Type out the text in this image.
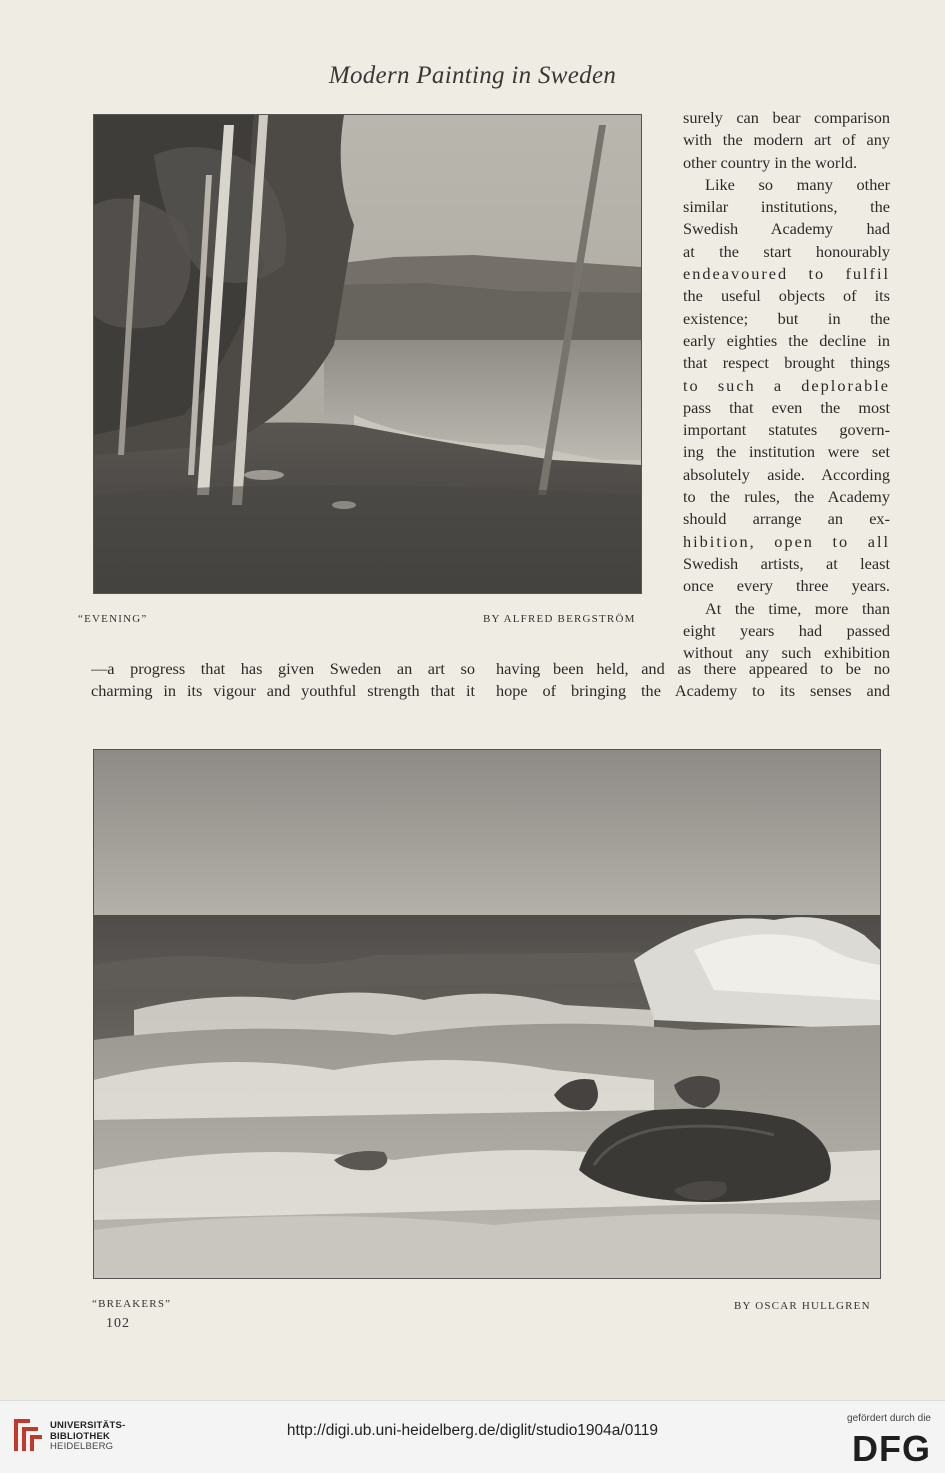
Modern Painting in Sweden
“EVENING”	BY ALFRED BERGSTRÖM
surely can bear comparison
with the modern art of any
other country in the world.
Like so many other
similar institutions, the
Swedish Academy had
at the start honourably
endeavoured to fulfil
the useful objects of its
existence; but in the
early eighties the decline in
that respect brought things
to such a deplorable
pass that even the most
important statutes govern-
ing the institution were set
absolutely aside. According
to the rules, the Academy
should arrange an ex-
hibition, open to all
Swedish artists, at least
once every three years.
At the time, more than
eight years had passed
without any such exhibition
—a progress that has given Sweden an art so
charming in its vigour and youthful strength that it
having been held, and as there appeared to be no
hope of bringing the Academy to its senses and
“BREAKERS”	BY OSCAR HULLGREN
102
UNIVERSITÄTS-
BIBLIOTHEK
HEIDELBERG
http://digi.ub.uni-heidelberg.de/diglit/studio1904a/0119
gefördert durch die
DFG
